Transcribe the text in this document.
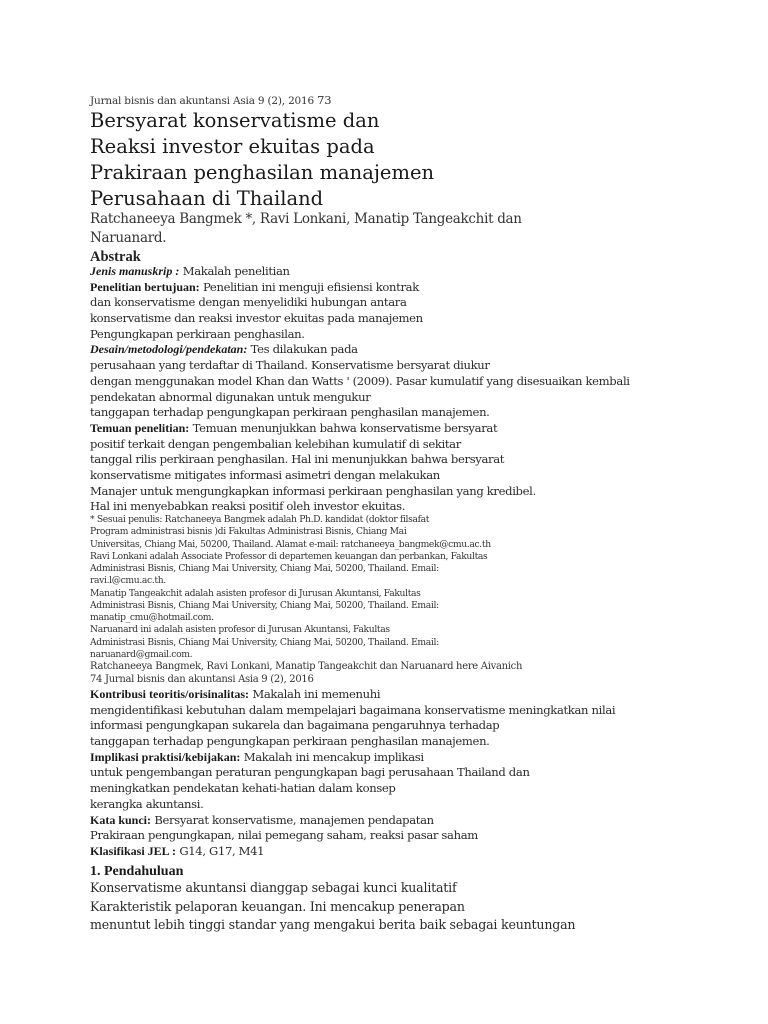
Jurnal bisnis dan akuntansi Asia 9 (2), 2016 73
Bersyarat konservatisme dan
Reaksi investor ekuitas pada
Prakiraan penghasilan manajemen
Perusahaan di Thailand
Ratchaneeya Bangmek *, Ravi Lonkani, Manatip Tangeakchit dan
Naruanard.
Abstrak
Jenis manuskrip : Makalah penelitian
Penelitian bertujuan: Penelitian ini menguji efisiensi kontrak
dan konservatisme dengan menyelidiki hubungan antara
konservatisme dan reaksi investor ekuitas pada manajemen
Pengungkapan perkiraan penghasilan.
Desain/metodologi/pendekatan: Tes dilakukan pada
perusahaan yang terdaftar di Thailand. Konservatisme bersyarat diukur
dengan menggunakan model Khan dan Watts ' (2009). Pasar kumulatif yang disesuaikan kembali
pendekatan abnormal digunakan untuk mengukur
tanggapan terhadap pengungkapan perkiraan penghasilan manajemen.
Temuan penelitian: Temuan menunjukkan bahwa konservatisme bersyarat
positif terkait dengan pengembalian kelebihan kumulatif di sekitar
tanggal rilis perkiraan penghasilan. Hal ini menunjukkan bahwa bersyarat
konservatisme mitigates informasi asimetri dengan melakukan
Manajer untuk mengungkapkan informasi perkiraan penghasilan yang kredibel.
Hal ini menyebabkan reaksi positif oleh investor ekuitas.
* Sesuai penulis: Ratchaneeya Bangmek adalah Ph.D. kandidat (doktor filsafat
Program administrasi bisnis )di Fakultas Administrasi Bisnis, Chiang Mai
Universitas, Chiang Mai, 50200, Thailand. Alamat e-mail: ratchaneeya_bangmek@cmu.ac.th
Ravi Lonkani adalah Associate Professor di departemen keuangan dan perbankan, Fakultas
Administrasi Bisnis, Chiang Mai University, Chiang Mai, 50200, Thailand. Email:
ravi.l@cmu.ac.th.
Manatip Tangeakchit adalah asisten profesor di Jurusan Akuntansi, Fakultas
Administrasi Bisnis, Chiang Mai University, Chiang Mai, 50200, Thailand. Email:
manatip_cmu@hotmail.com.
Naruanard ini adalah asisten profesor di Jurusan Akuntansi, Fakultas
Administrasi Bisnis, Chiang Mai University, Chiang Mai, 50200, Thailand. Email:
naruanard@gmail.com.
Ratchaneeya Bangmek, Ravi Lonkani, Manatip Tangeakchit dan Naruanard here Aivanich
74 Jurnal bisnis dan akuntansi Asia 9 (2), 2016
Kontribusi teoritis/orisinalitas: Makalah ini memenuhi
mengidentifikasi kebutuhan dalam mempelajari bagaimana konservatisme meningkatkan nilai
informasi pengungkapan sukarela dan bagaimana pengaruhnya terhadap
tanggapan terhadap pengungkapan perkiraan penghasilan manajemen.
Implikasi praktisi/kebijakan: Makalah ini mencakup implikasi
untuk pengembangan peraturan pengungkapan bagi perusahaan Thailand dan
meningkatkan pendekatan kehati-hatian dalam konsep
kerangka akuntansi.
Kata kunci: Bersyarat konservatisme, manajemen pendapatan
Prakiraan pengungkapan, nilai pemegang saham, reaksi pasar saham
Klasifikasi JEL : G14, G17, M41
1. Pendahuluan
Konservatisme akuntansi dianggap sebagai kunci kualitatif
Karakteristik pelaporan keuangan. Ini mencakup penerapan
menuntut lebih tinggi standar yang mengakui berita baik sebagai keuntungan
